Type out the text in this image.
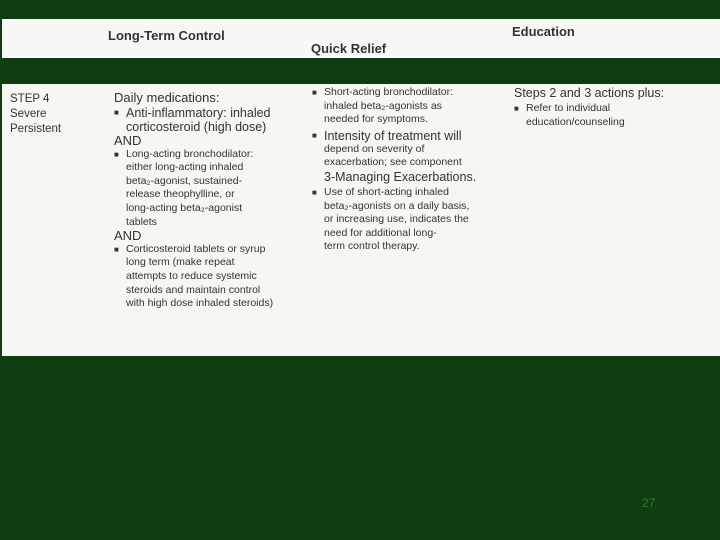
Long-Term Control
Quick Relief
Education

STEP 4

Severe

Persistent

Daily medications:

■ Anti-inflammatory: inhaled

corticosteroid (high dose)

AND

■ Long-acting bronchodilator:

either long-acting inhaled

beta₂-agonist, sustained-

release theophylline, or

long-acting beta₂-agonist

tablets

AND

■ Corticosteroid tablets or syrup

long term (make repeat

attempts to reduce systemic

steroids and maintain control

with high dose inhaled steroids)

■ Short-acting bronchodilator:

inhaled beta₂-agonists as

needed for symptoms.

■ Intensity of treatment will

depend on severity of

exacerbation; see component

3-Managing Exacerbations.

■ Use of short-acting inhaled

beta₂-agonists on a daily basis,

or increasing use, indicates the

need for additional long-

term control therapy.

Steps 2 and 3 actions plus:

■ Refer to individual

education/counseling

27
